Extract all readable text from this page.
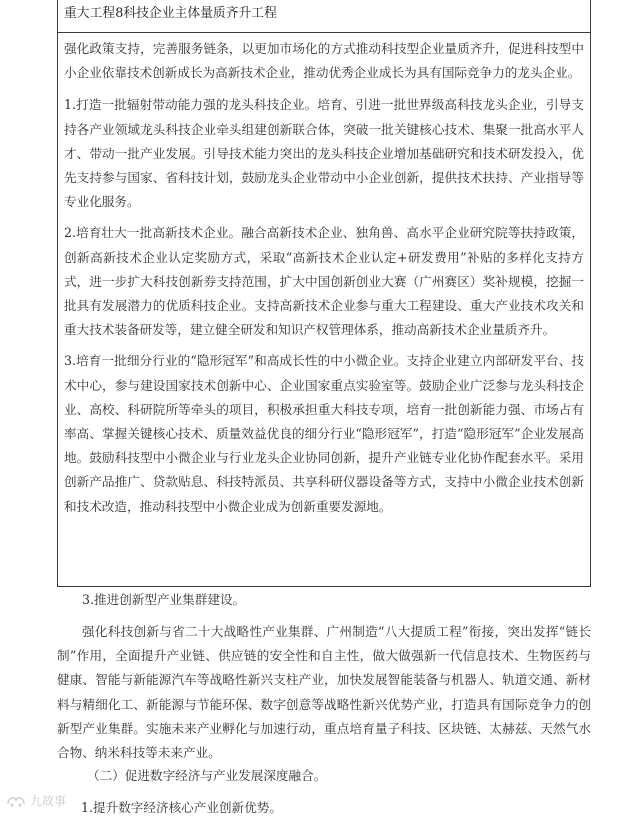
重大工程8科技企业主体量质齐升工程

强化政策支持，完善服务链条，以更加市场化的方式推动科技型企业量质齐升，促进科技型中小企业依靠技术创新成长为高新技术企业，推动优秀企业成长为具有国际竞争力的龙头企业。

1.打造一批辐射带动能力强的龙头科技企业。培育、引进一批世界级高科技龙头企业，引导支持各产业领域龙头科技企业牵头组建创新联合体，突破一批关键核心技术、集聚一批高水平人才、带动一批产业发展。引导技术能力突出的龙头科技企业增加基础研究和技术研发投入，优先支持参与国家、省科技计划，鼓励龙头企业带动中小企业创新，提供技术扶持、产业指导等专业化服务。

2.培育壮大一批高新技术企业。融合高新技术企业、独角兽、高水平企业研究院等扶持政策，创新高新技术企业认定奖励方式，采取“高新技术企业认定+研发费用”补贴的多样化支持方式，进一步扩大科技创新券支持范围，扩大中国创新创业大赛（广州赛区）奖补规模，挖掘一批具有发展潜力的优质科技企业。支持高新技术企业参与重大工程建设、重大产业技术攻关和重大技术装备研发等，建立健全研发和知识产权管理体系，推动高新技术企业量质齐升。

3.培育一批细分行业的“隐形冠军”和高成长性的中小微企业。支持企业建立内部研发平台、技术中心，参与建设国家技术创新中心、企业国家重点实验室等。鼓励企业广泛参与龙头科技企业、高校、科研院所等牵头的项目，积极承担重大科技专项，培育一批创新能力强、市场占有率高、掌握关键核心技术、质量效益优良的细分行业“隐形冠军”，打造“隐形冠军”企业发展高地。鼓励科技型中小微企业与行业龙头企业协同创新，提升产业链专业化协作配套水平。采用创新产品推广、贷款贴息、科技特派员、共享科研仪器设备等方式，支持中小微企业技术创新和技术改造，推动科技型中小微企业成为创新重要发源地。

3.推进创新型产业集群建设。

强化科技创新与省二十大战略性产业集群、广州制造“八大提质工程”衔接，突出发挥“链长制”作用，全面提升产业链、供应链的安全性和自主性，做大做强新一代信息技术、生物医药与健康、智能与新能源汽车等战略性新兴支柱产业，加快发展智能装备与机器人、轨道交通、新材料与精细化工、新能源与节能环保、数字创意等战略性新兴优势产业，打造具有国际竞争力的创新型产业集群。实施未来产业孵化与加速行动，重点培育量子科技、区块链、太赫兹、天然气水合物、纳米科技等未来产业。

（二）促进数字经济与产业发展深度融合。

1.提升数字经济核心产业创新优势。

九故事
